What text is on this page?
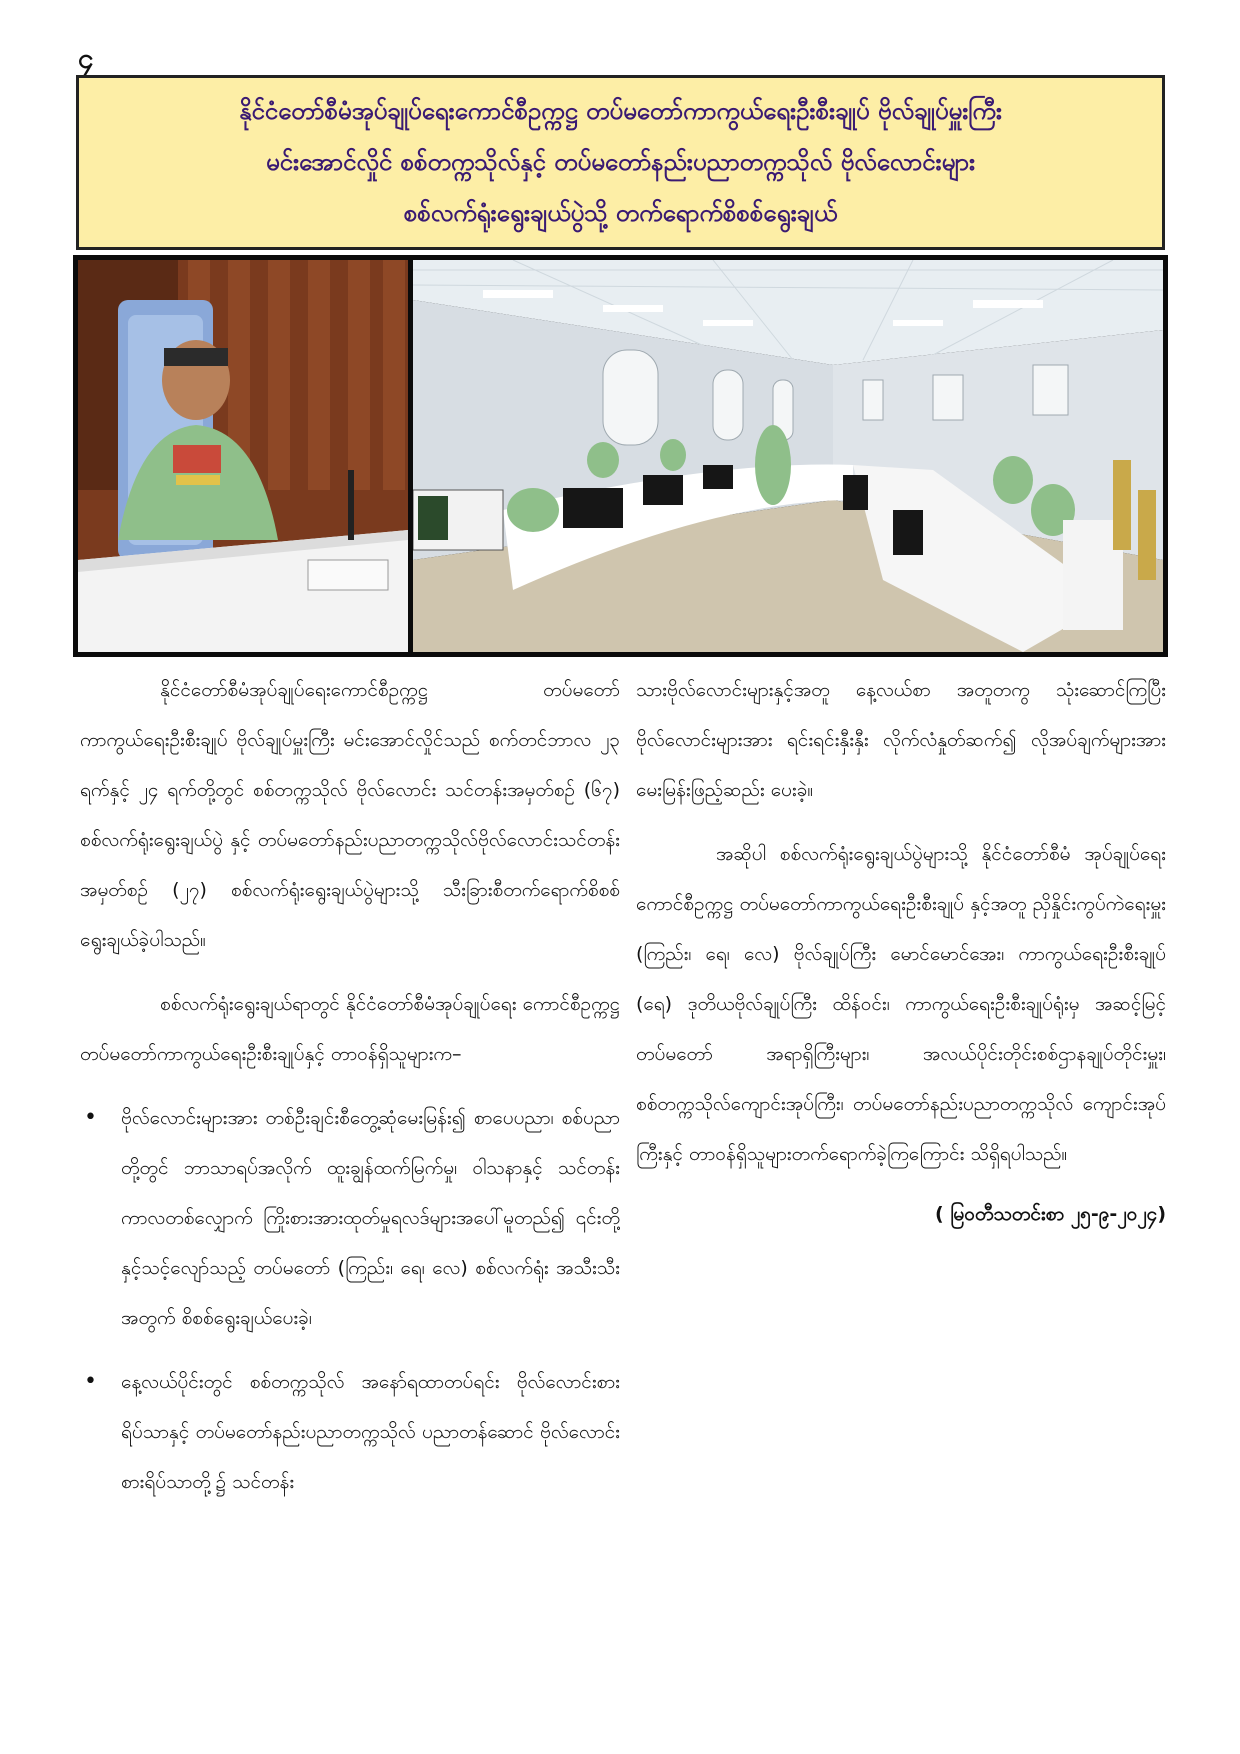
၄
နိုင်ငံတော်စီမံအုပ်ချုပ်ရေးကောင်စီဥက္ကဋ္ဌ တပ်မတော်ကာကွယ်ရေးဦးစီးချုပ် ဗိုလ်ချုပ်မှူးကြီး
မင်းအောင်လှိုင် စစ်တက္ကသိုလ်နှင့် တပ်မတော်နည်းပညာတက္ကသိုလ် ဗိုလ်လောင်းများ
စစ်လက်ရုံးရွေးချယ်ပွဲသို့ တက်ရောက်စိစစ်ရွေးချယ်

နိုင်ငံတော်စီမံအုပ်ချုပ်ရေးကောင်စီဥက္ကဋ္ဌ တပ်မတော်ကာကွယ်ရေးဦးစီးချုပ် ဗိုလ်ချုပ်မှူးကြီး မင်းအောင်လှိုင်သည် စက်တင်ဘာလ ၂၃ ရက်နှင့် ၂၄ ရက်တို့တွင် စစ်တက္ကသိုလ် ဗိုလ်လောင်း သင်တန်းအမှတ်စဉ် (၆၇) စစ်လက်ရုံးရွေးချယ်ပွဲ နှင့် တပ်မတော်နည်းပညာတက္ကသိုလ်ဗိုလ်လောင်းသင်တန်း အမှတ်စဉ် (၂၇) စစ်လက်ရုံးရွေးချယ်ပွဲများသို့ သီးခြားစီတက်ရောက်စိစစ်ရွေးချယ်ခဲ့ပါသည်။

စစ်လက်ရုံးရွေးချယ်ရာတွင် နိုင်ငံတော်စီမံအုပ်ချုပ်ရေး ကောင်စီဥက္ကဋ္ဌ တပ်မတော်ကာကွယ်ရေးဦးစီးချုပ်နှင့် တာဝန်ရှိသူများက–

• ဗိုလ်လောင်းများအား တစ်ဦးချင်းစီတွေ့ဆုံမေးမြန်း၍ စာပေပညာ၊ စစ်ပညာတို့တွင် ဘာသာရပ်အလိုက် ထူးချွန်ထက်မြက်မှု၊ ဝါသနာနှင့် သင်တန်းကာလတစ်လျှောက် ကြိုးစားအားထုတ်မှုရလဒ်များအပေါ်မူတည်၍ ၎င်းတို့နှင့်သင့်လျော်သည့် တပ်မတော် (ကြည်း၊ ရေ၊ လေ) စစ်လက်ရုံး အသီးသီးအတွက် စိစစ်ရွေးချယ်ပေးခဲ့၊
• နေ့လယ်ပိုင်းတွင် စစ်တက္ကသိုလ် အနော်ရထာတပ်ရင်း ဗိုလ်လောင်းစားရိပ်သာနှင့် တပ်မတော်နည်းပညာတက္ကသိုလ် ပညာတန်ဆောင် ဗိုလ်လောင်းစားရိပ်သာတို့၌ သင်တန်း

သားဗိုလ်လောင်းများနှင့်အတူ နေ့လယ်စာ အတူတကွ သုံးဆောင်ကြပြီး ဗိုလ်လောင်းများအား ရင်းရင်းနှီးနှီး လိုက်လံနှုတ်ဆက်၍ လိုအပ်ချက်များအား မေးမြန်းဖြည့်ဆည်း ပေးခဲ့။

အဆိုပါ စစ်လက်ရုံးရွေးချယ်ပွဲများသို့ နိုင်ငံတော်စီမံ အုပ်ချုပ်ရေးကောင်စီဥက္ကဋ္ဌ တပ်မတော်ကာကွယ်ရေးဦးစီးချုပ် နှင့်အတူ ညှိနှိုင်းကွပ်ကဲရေးမှူး (ကြည်း၊ ရေ၊ လေ) ဗိုလ်ချုပ်ကြီး မောင်မောင်အေး၊ ကာကွယ်ရေးဦးစီးချုပ် (ရေ) ဒုတိယဗိုလ်ချုပ်ကြီး ထိန်ဝင်း၊ ကာကွယ်ရေးဦးစီးချုပ်ရုံးမှ အဆင့်မြင့်တပ်မတော် အရာရှိကြီးများ၊ အလယ်ပိုင်းတိုင်းစစ်ဌာနချုပ်တိုင်းမှူး၊ စစ်တက္ကသိုလ်ကျောင်းအုပ်ကြီး၊ တပ်မတော်နည်းပညာတက္ကသိုလ် ကျောင်းအုပ်ကြီးနှင့် တာဝန်ရှိသူများတက်ရောက်ခဲ့ကြကြောင်း သိရှိရပါသည်။

( မြဝတီသတင်းစာ ၂၅-၉-၂၀၂၄)
